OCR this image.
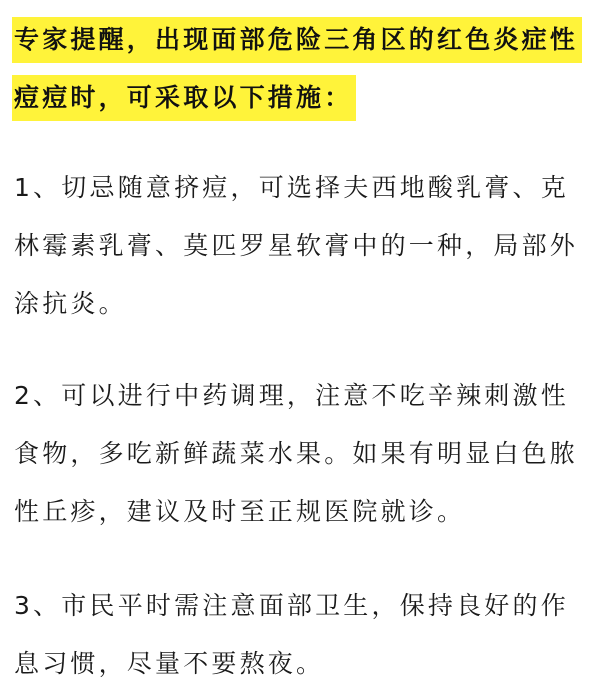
专家提醒，出现面部危险三角区的红色炎症性
痘痘时，可采取以下措施：
1、切忌随意挤痘，可选择夫西地酸乳膏、克
林霉素乳膏、莫匹罗星软膏中的一种，局部外
涂抗炎。
2、可以进行中药调理，注意不吃辛辣刺激性
食物，多吃新鲜蔬菜水果。如果有明显白色脓
性丘疹，建议及时至正规医院就诊。
3、市民平时需注意面部卫生，保持良好的作
息习惯，尽量不要熬夜。
